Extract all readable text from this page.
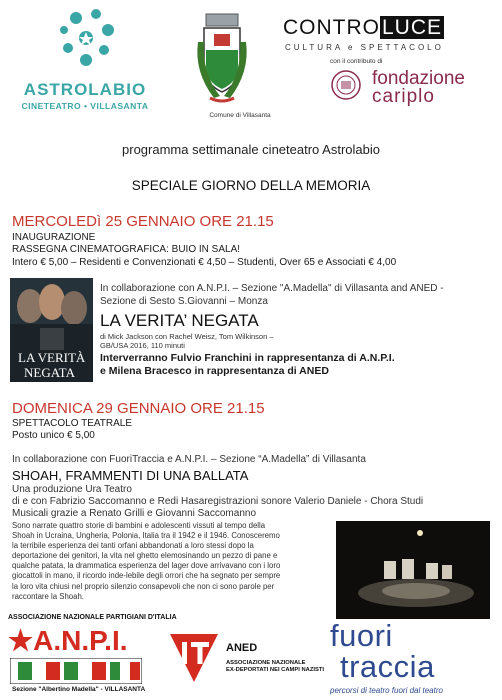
ASTROLABIO
CINETEATRO • VILLASANTA
Comune di Villasanta
CONTROLUCE
CULTURA e SPETTACOLO
con il contributo di
fondazione
cariplo
programma settimanale cineteatro Astrolabio
SPECIALE GIORNO DELLA MEMORIA
MERCOLEDì 25 GENNAIO ORE 21.15
INAUGURAZIONE
RASSEGNA CINEMATOGRAFICA: BUIO IN SALA!
Intero € 5,00 – Residenti e Convenzionati € 4,50 – Studenti, Over 65 e Associati € 4,00
LA VERITÀ
NEGATA
In collaborazione con A.N.P.I. – Sezione "A.Madella" di Villasanta and ANED -
Sezione di Sesto S.Giovanni – Monza
LA VERITA’ NEGATA
di Mick Jackson con Rachel Weisz, Tom Wilkinson –
GB/USA 2016, 110 minuti
Interverranno Fulvio Franchini in rappresentanza di A.N.P.I.
e Milena Bracesco in rappresentanza di ANED
DOMENICA 29 GENNAIO ORE 21.15
SPETTACOLO TEATRALE
Posto unico € 5,00
In collaborazione con FuoriTraccia e A.N.P.I. – Sezione “A.Madella” di Villasanta
SHOAH, FRAMMENTI DI UNA BALLATA
Una produzione Ura Teatro
di e con Fabrizio Saccomanno e Redi Hasaregistrazioni sonore Valerio Daniele - Chora Studi
Musicali grazie a Renato Grilli e Giovanni Saccomanno
Sono narrate quattro storie di bambini e adolescenti vissuti al tempo della
Shoah in Ucraina, Ungheria, Polonia, Italia tra il 1942 e il 1946. Conosceremo
la terribile esperienza dei tanti orfani abbandonati a loro stessi dopo la
deportazione dei genitori, la vita nel ghetto elemosinando un pezzo di pane e
qualche patata, la drammatica esperienza del lager dove arrivavano con i loro
giocattoli in mano, il ricordo inde-lebile degli orrori che ha segnato per sempre
la loro vita chiusi nel proprio silenzio consapevoli che non ci sono parole per
raccontare la Shoah.
ASSOCIAZIONE NAZIONALE PARTIGIANI D'ITALIA
★A.N.P.I.
Sezione "Albertino Madella" - VILLASANTA
ANED
ASSOCIAZIONE NAZIONALE
EX-DEPORTATI NEI CAMPI NAZISTI
fuori
traccia
percorsi di teatro fuori dal teatro
